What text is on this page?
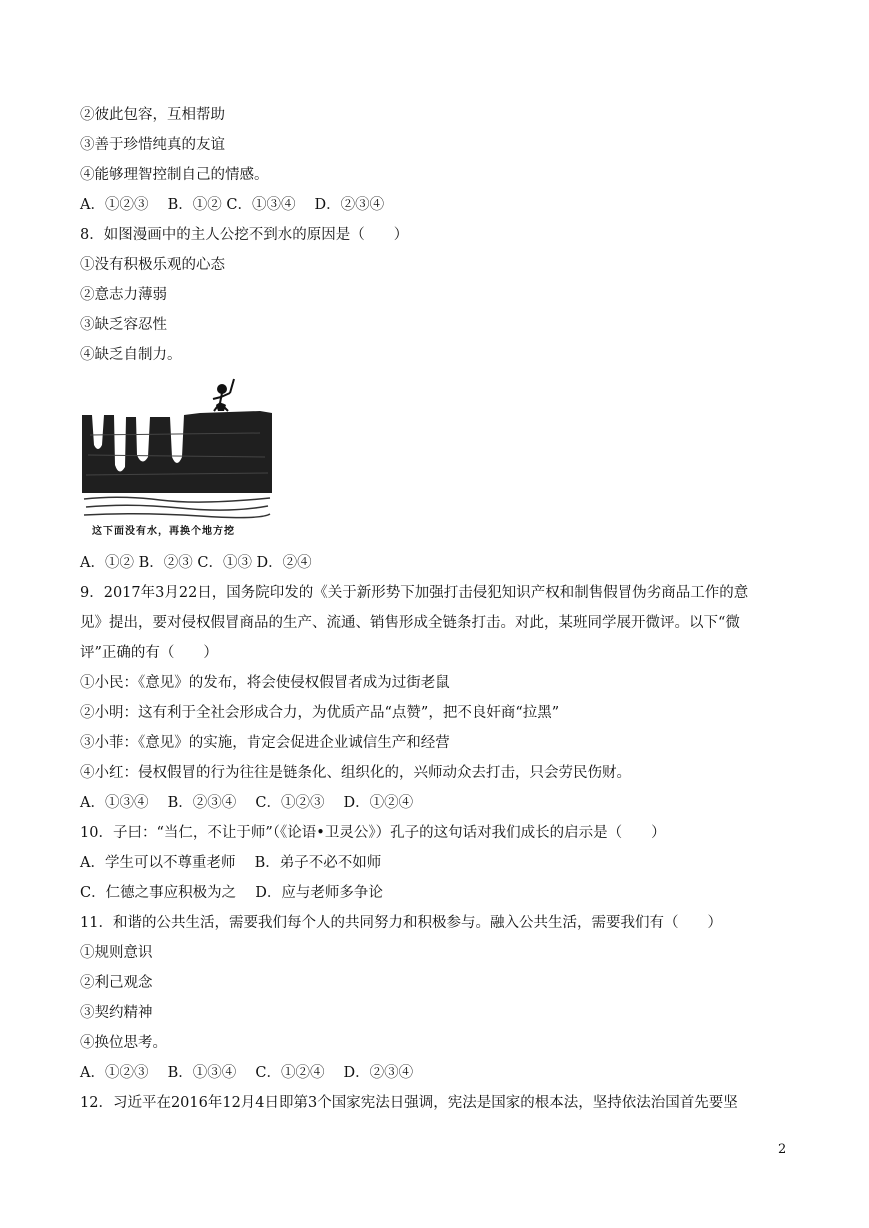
②彼此包容，互相帮助
③善于珍惜纯真的友谊
④能够理智控制自己的情感。
A．①②③　 B．①② C．①③④　 D．②③④
8．如图漫画中的主人公挖不到水的原因是（　　）
①没有积极乐观的心态
②意志力薄弱
③缺乏容忍性
④缺乏自制力。
这下面没有水，再换个地方挖
A．①② B．②③ C．①③ D．②④
9．2017年3月22日，国务院印发的《关于新形势下加强打击侵犯知识产权和制售假冒伪劣商品工作的意
见》提出，要对侵权假冒商品的生产、流通、销售形成全链条打击。对此，某班同学展开微评。以下“微
评”正确的有（　　）
①小民：《意见》的发布，将会使侵权假冒者成为过街老鼠
②小明：这有利于全社会形成合力，为优质产品“点赞”，把不良奸商“拉黑”
③小菲：《意见》的实施，肯定会促进企业诚信生产和经营
④小红：侵权假冒的行为往往是链条化、组织化的，兴师动众去打击，只会劳民伤财。
A．①③④　 B．②③④　 C．①②③　 D．①②④
10．子曰：“当仁，不让于师”（《论语•卫灵公》）孔子的这句话对我们成长的启示是（　　）
A．学生可以不尊重老师　 B．弟子不必不如师
C．仁德之事应积极为之　 D．应与老师多争论
11．和谐的公共生活，需要我们每个人的共同努力和积极参与。融入公共生活，需要我们有（　　）
①规则意识
②利己观念
③契约精神
④换位思考。
A．①②③　 B．①③④　 C．①②④　 D．②③④
12．习近平在2016年12月4日即第3个国家宪法日强调，宪法是国家的根本法，坚持依法治国首先要坚
2
